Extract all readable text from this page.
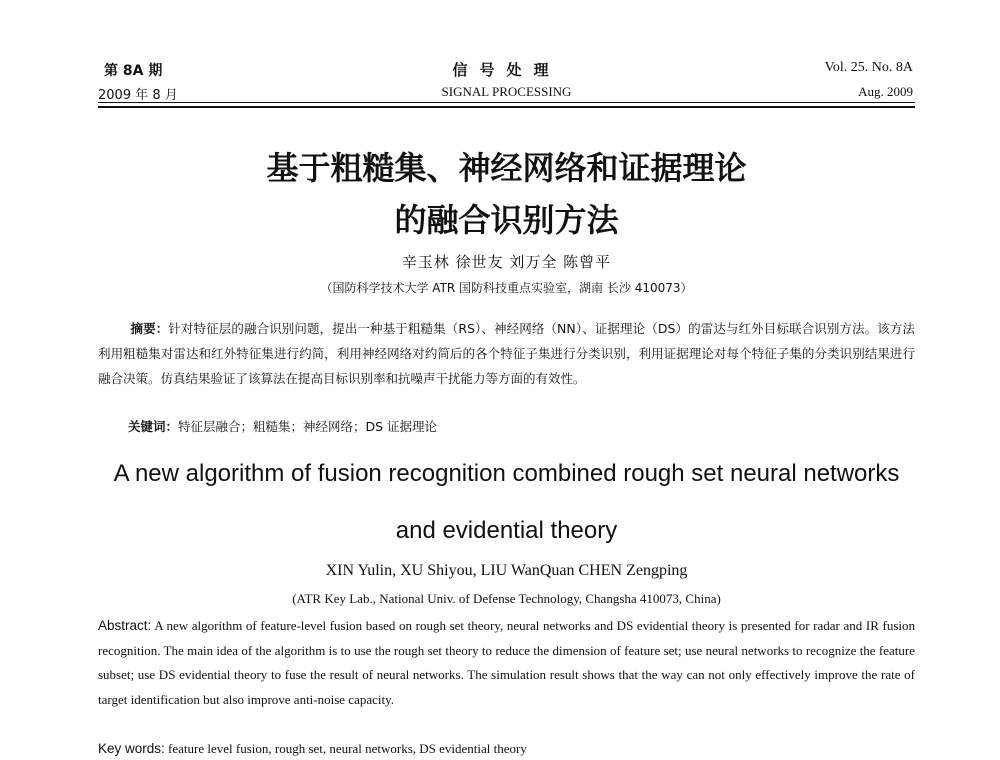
第 8A 期
2009 年 8 月
信号处理
SIGNAL PROCESSING
Vol. 25. No. 8A
Aug. 2009
基于粗糙集、神经网络和证据理论
的融合识别方法
辛玉林 徐世友 刘万全 陈曾平
（国防科学技术大学 ATR 国防科技重点实验室，湖南 长沙 410073）
摘要：针对特征层的融合识别问题，提出一种基于粗糙集（RS）、神经网络（NN）、证据理论（DS）的雷达与红外目标联合识别方法。该方法利用粗糙集对雷达和红外特征集进行约简，利用神经网络对约简后的各个特征子集进行分类识别，利用证据理论对每个特征子集的分类识别结果进行融合决策。仿真结果验证了该算法在提高目标识别率和抗噪声干扰能力等方面的有效性。
关键词：特征层融合；粗糙集；神经网络；DS 证据理论
A new algorithm of fusion recognition combined rough set neural networks
and evidential theory
XIN Yulin, XU Shiyou, LIU WanQuan CHEN Zengping
(ATR Key Lab., National Univ. of Defense Technology, Changsha 410073, China)
Abstract: A new algorithm of feature-level fusion based on rough set theory, neural networks and DS evidential theory is presented for radar and IR fusion recognition. The main idea of the algorithm is to use the rough set theory to reduce the dimension of feature set; use neural networks to recognize the feature subset; use DS evidential theory to fuse the result of neural networks. The simulation result shows that the way can not only effectively improve the rate of target identification but also improve anti-noise capacity.
Key words: feature level fusion, rough set, neural networks, DS evidential theory
